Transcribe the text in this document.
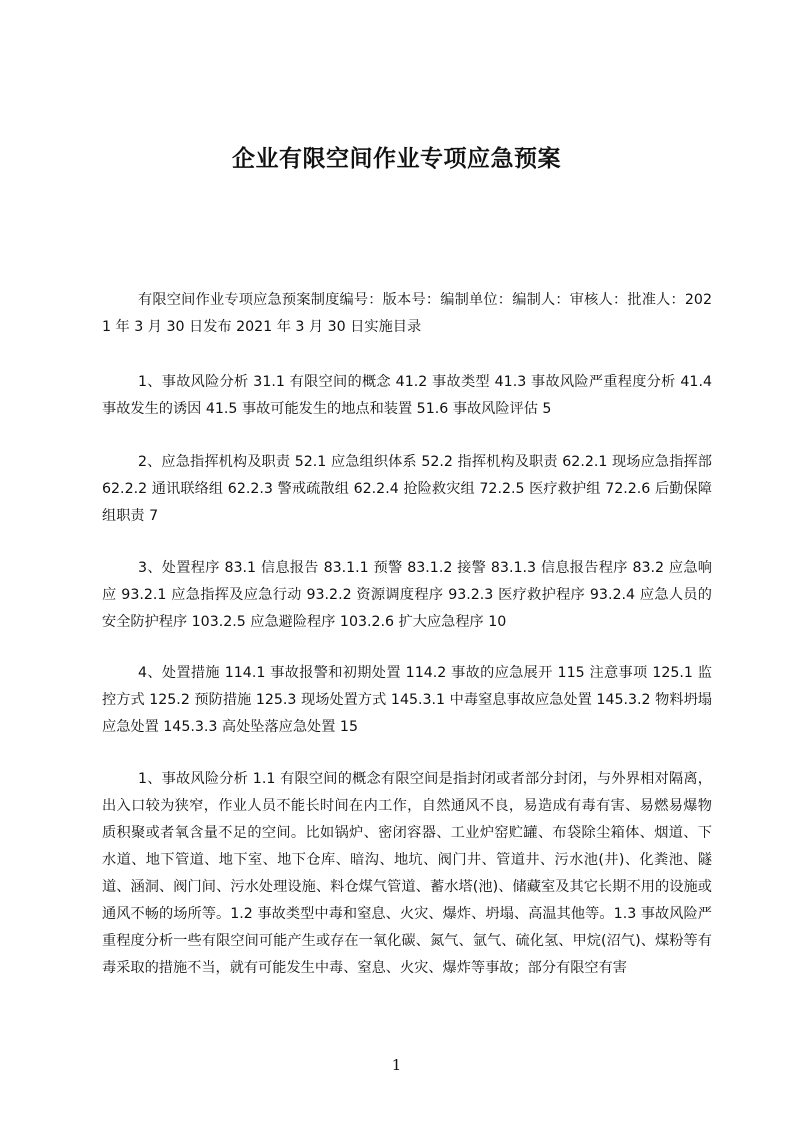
企业有限空间作业专项应急预案

有限空间作业专项应急预案制度编号：版本号：编制单位：编制人：审核人：批准人：2021 年 3 月 30 日发布 2021 年 3 月 30 日实施目录

1、事故风险分析 31.1 有限空间的概念 41.2 事故类型 41.3 事故风险严重程度分析 41.4 事故发生的诱因 41.5 事故可能发生的地点和装置 51.6 事故风险评估 5

2、应急指挥机构及职责 52.1 应急组织体系 52.2 指挥机构及职责 62.2.1 现场应急指挥部 62.2.2 通讯联络组 62.2.3 警戒疏散组 62.2.4 抢险救灾组 72.2.5 医疗救护组 72.2.6 后勤保障组职责 7

3、处置程序 83.1 信息报告 83.1.1 预警 83.1.2 接警 83.1.3 信息报告程序 83.2 应急响应 93.2.1 应急指挥及应急行动 93.2.2 资源调度程序 93.2.3 医疗救护程序 93.2.4 应急人员的安全防护程序 103.2.5 应急避险程序 103.2.6 扩大应急程序 10

4、处置措施 114.1 事故报警和初期处置 114.2 事故的应急展开 115 注意事项 125.1 监控方式 125.2 预防措施 125.3 现场处置方式 145.3.1 中毒窒息事故应急处置 145.3.2 物料坍塌应急处置 145.3.3 高处坠落应急处置 15

1、事故风险分析 1.1 有限空间的概念有限空间是指封闭或者部分封闭，与外界相对隔离，出入口较为狭窄，作业人员不能长时间在内工作，自然通风不良，易造成有毒有害、易燃易爆物质积聚或者氧含量不足的空间。比如锅炉、密闭容器、工业炉窑贮罐、布袋除尘箱体、烟道、下水道、地下管道、地下室、地下仓库、暗沟、地坑、阀门井、管道井、污水池(井)、化粪池、隧道、涵洞、阀门间、污水处理设施、料仓煤气管道、蓄水塔(池)、储藏室及其它长期不用的设施或通风不畅的场所等。1.2 事故类型中毒和窒息、火灾、爆炸、坍塌、高温其他等。1.3 事故风险严重程度分析一些有限空间可能产生或存在一氧化碳、氮气、氩气、硫化氢、甲烷(沼气)、煤粉等有毒采取的措施不当，就有可能发生中毒、窒息、火灾、爆炸等事故；部分有限空有害

1
